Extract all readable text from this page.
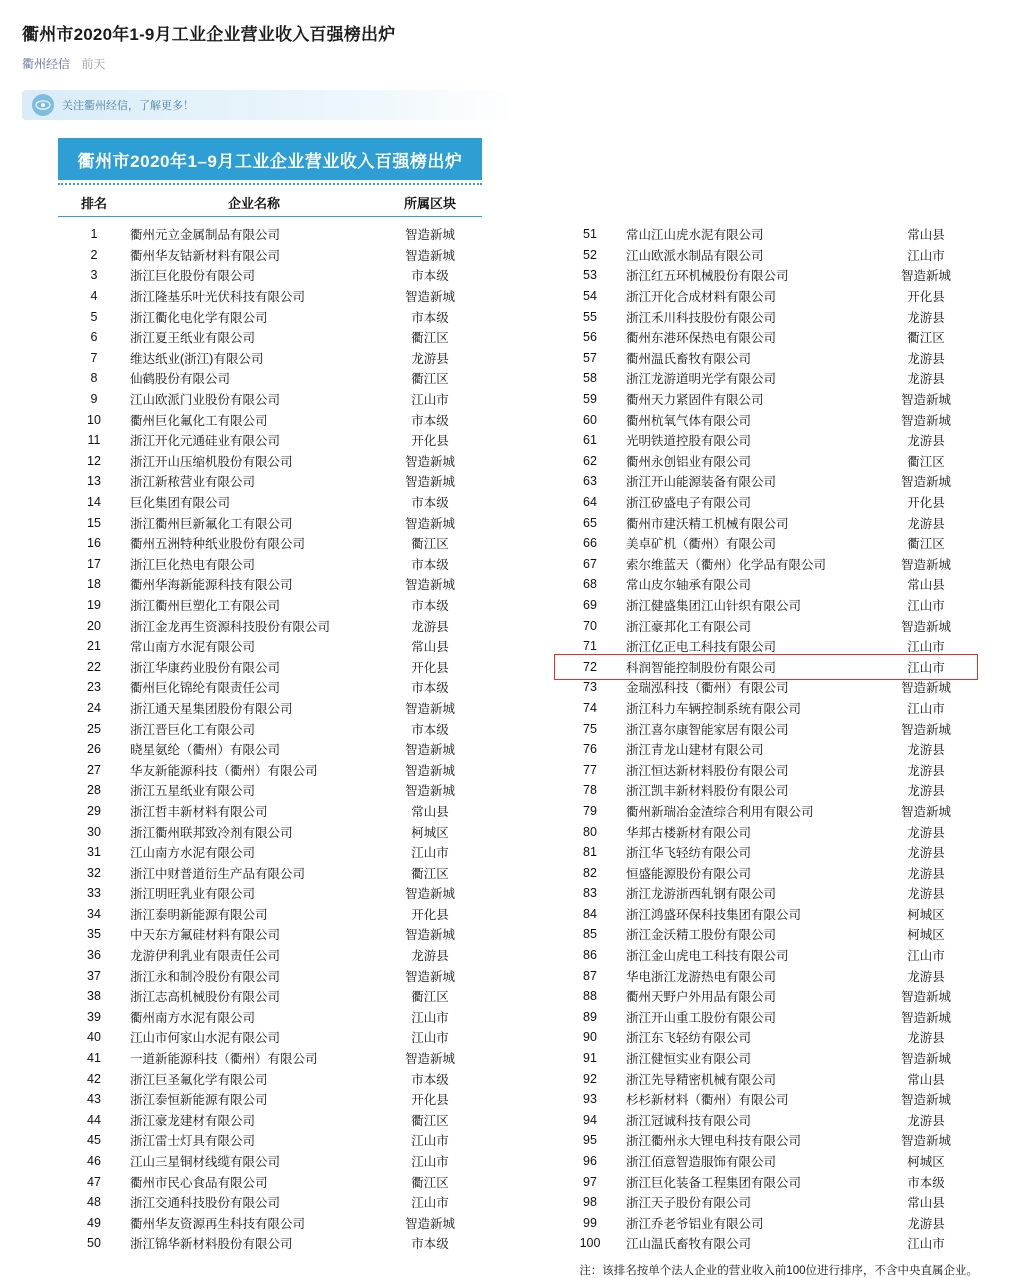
衢州市2020年1-9月工业企业营业收入百强榜出炉
衢州经信 前天
关注衢州经信，了解更多！
衢州市2020年1–9月工业企业营业收入百强榜出炉
排名	企业名称	所属区块
1	衢州元立金属制品有限公司	智造新城
2	衢州华友钴新材料有限公司	智造新城
3	浙江巨化股份有限公司	市本级
4	浙江隆基乐叶光伏科技有限公司	智造新城
5	浙江衢化电化学有限公司	市本级
6	浙江夏王纸业有限公司	衢江区
7	维达纸业(浙江)有限公司	龙游县
8	仙鹤股份有限公司	衢江区
9	江山欧派门业股份有限公司	江山市
10	衢州巨化氟化工有限公司	市本级
11	浙江开化元通硅业有限公司	开化县
12	浙江开山压缩机股份有限公司	智造新城
13	浙江新秾营业有限公司	智造新城
14	巨化集团有限公司	市本级
15	浙江衢州巨新氟化工有限公司	智造新城
16	衢州五洲特种纸业股份有限公司	衢江区
17	浙江巨化热电有限公司	市本级
18	衢州华海新能源科技有限公司	智造新城
19	浙江衢州巨塑化工有限公司	市本级
20	浙江金龙再生资源科技股份有限公司	龙游县
21	常山南方水泥有限公司	常山县
22	浙江华康药业股份有限公司	开化县
23	衢州巨化锦纶有限责任公司	市本级
24	浙江通天星集团股份有限公司	智造新城
25	浙江晋巨化工有限公司	市本级
26	晓星氨纶（衢州）有限公司	智造新城
27	华友新能源科技（衢州）有限公司	智造新城
28	浙江五星纸业有限公司	智造新城
29	浙江哲丰新材料有限公司	常山县
30	浙江衢州联邦致冷剂有限公司	柯城区
31	江山南方水泥有限公司	江山市
32	浙江中财普道衍生产品有限公司	衢江区
33	浙江明旺乳业有限公司	智造新城
34	浙江泰明新能源有限公司	开化县
35	中天东方氟硅材料有限公司	智造新城
36	龙游伊利乳业有限责任公司	龙游县
37	浙江永和制冷股份有限公司	智造新城
38	浙江志高机械股份有限公司	衢江区
39	衢州南方水泥有限公司	江山市
40	江山市何家山水泥有限公司	江山市
41	一道新能源科技（衢州）有限公司	智造新城
42	浙江巨圣氟化学有限公司	市本级
43	浙江泰恒新能源有限公司	开化县
44	浙江豪龙建材有限公司	衢江区
45	浙江雷士灯具有限公司	江山市
46	江山三星铜材线缆有限公司	江山市
47	衢州市民心食品有限公司	衢江区
48	浙江交通科技股份有限公司	江山市
49	衢州华友资源再生科技有限公司	智造新城
50	浙江锦华新材料股份有限公司	市本级
51	常山江山虎水泥有限公司	常山县
52	江山欧派水制品有限公司	江山市
53	浙江红五环机械股份有限公司	智造新城
54	浙江开化合成材料有限公司	开化县
55	浙江禾川科技股份有限公司	龙游县
56	衢州东港环保热电有限公司	衢江区
57	衢州温氏畜牧有限公司	龙游县
58	浙江龙游道明光学有限公司	龙游县
59	衢州天力紧固件有限公司	智造新城
60	衢州杭氧气体有限公司	智造新城
61	光明铁道控股有限公司	龙游县
62	衢州永创铝业有限公司	衢江区
63	浙江开山能源装备有限公司	智造新城
64	浙江矽盛电子有限公司	开化县
65	衢州市建沃精工机械有限公司	龙游县
66	美卓矿机（衢州）有限公司	衢江区
67	索尔维蓝天（衢州）化学品有限公司	智造新城
68	常山皮尔轴承有限公司	常山县
69	浙江健盛集团江山针织有限公司	江山市
70	浙江豪邦化工有限公司	智造新城
71	浙江亿正电工科技有限公司	江山市
72	科润智能控制股份有限公司	江山市
73	金瑞泓科技（衢州）有限公司	智造新城
74	浙江科力车辆控制系统有限公司	江山市
75	浙江喜尔康智能家居有限公司	智造新城
76	浙江青龙山建材有限公司	龙游县
77	浙江恒达新材料股份有限公司	龙游县
78	浙江凯丰新材料股份有限公司	龙游县
79	衢州新瑞冶金渣综合利用有限公司	智造新城
80	华邦古楼新材有限公司	龙游县
81	浙江华飞轻纺有限公司	龙游县
82	恒盛能源股份有限公司	龙游县
83	浙江龙游浙西轧钢有限公司	龙游县
84	浙江鸿盛环保科技集团有限公司	柯城区
85	浙江金沃精工股份有限公司	柯城区
86	浙江金山虎电工科技有限公司	江山市
87	华电浙江龙游热电有限公司	龙游县
88	衢州天野户外用品有限公司	智造新城
89	浙江开山重工股份有限公司	智造新城
90	浙江东飞轻纺有限公司	龙游县
91	浙江健恒实业有限公司	智造新城
92	浙江先导精密机械有限公司	常山县
93	杉杉新材料（衢州）有限公司	智造新城
94	浙江冠诚科技有限公司	龙游县
95	浙江衢州永大锂电科技有限公司	智造新城
96	浙江佰意智造服饰有限公司	柯城区
97	浙江巨化装备工程集团有限公司	市本级
98	浙江天子股份有限公司	常山县
99	浙江乔老爷铝业有限公司	龙游县
100	江山温氏畜牧有限公司	江山市
注：该排名按单个法人企业的营业收入前100位进行排序，不含中央直属企业。
